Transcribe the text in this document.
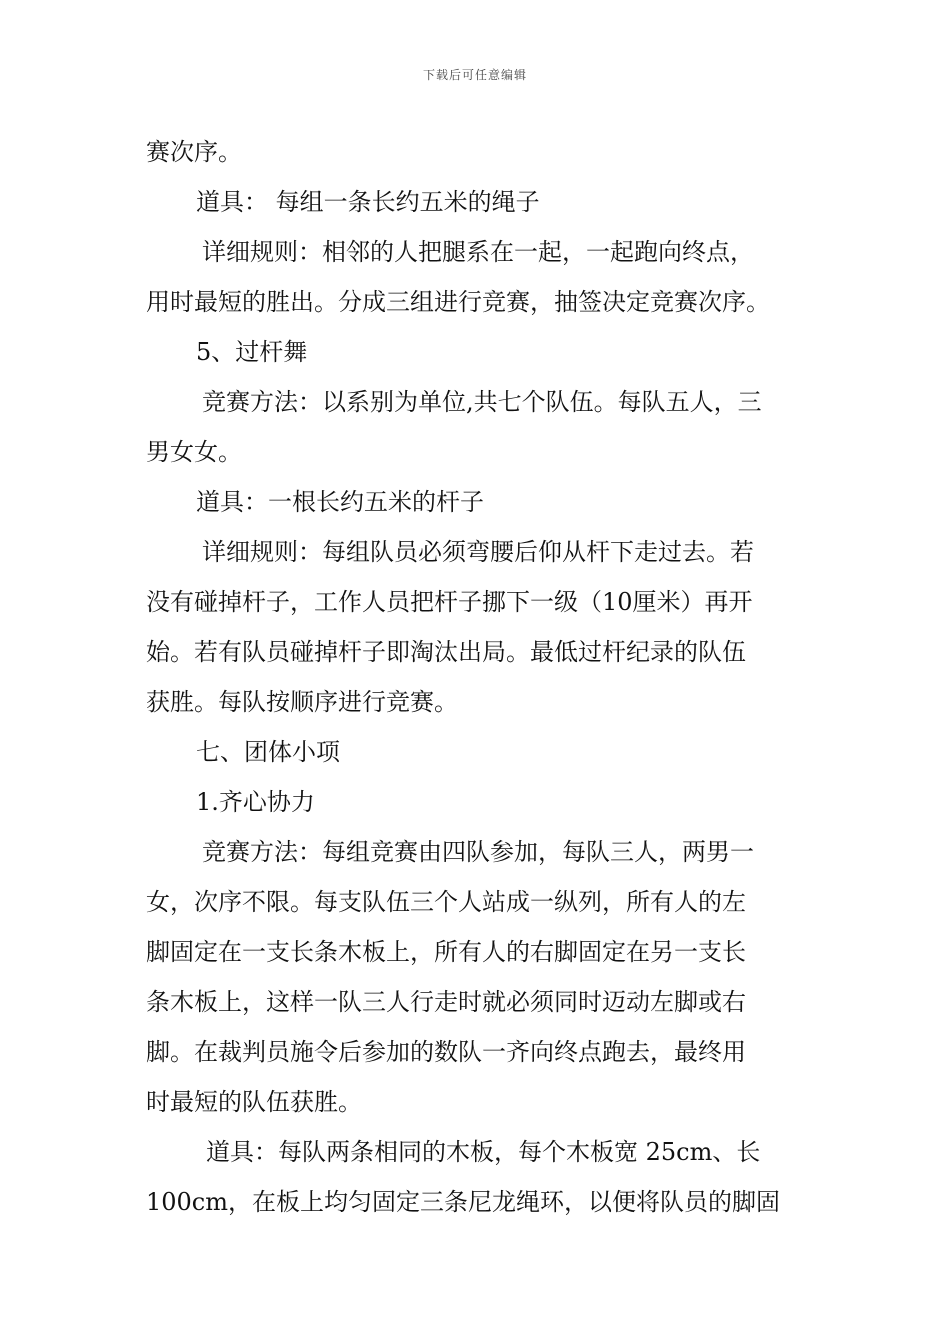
下载后可任意编辑
赛次序。
道具： 每组一条长约五米的绳子
详细规则：相邻的人把腿系在一起，一起跑向终点，
用时最短的胜出。分成三组进行竞赛，抽签决定竞赛次序。
5、过杆舞
竞赛方法：以系别为单位,共七个队伍。每队五人，三
男女女。
道具：一根长约五米的杆子
详细规则：每组队员必须弯腰后仰从杆下走过去。若
没有碰掉杆子，工作人员把杆子挪下一级（10厘米）再开
始。若有队员碰掉杆子即淘汰出局。最低过杆纪录的队伍
获胜。每队按顺序进行竞赛。
七、团体小项
1.齐心协力
竞赛方法：每组竞赛由四队参加，每队三人，两男一
女，次序不限。每支队伍三个人站成一纵列，所有人的左
脚固定在一支长条木板上，所有人的右脚固定在另一支长
条木板上，这样一队三人行走时就必须同时迈动左脚或右
脚。在裁判员施令后参加的数队一齐向终点跑去，最终用
时最短的队伍获胜。
道具：每队两条相同的木板，每个木板宽 25cm、长
100cm，在板上均匀固定三条尼龙绳环，以便将队员的脚固
